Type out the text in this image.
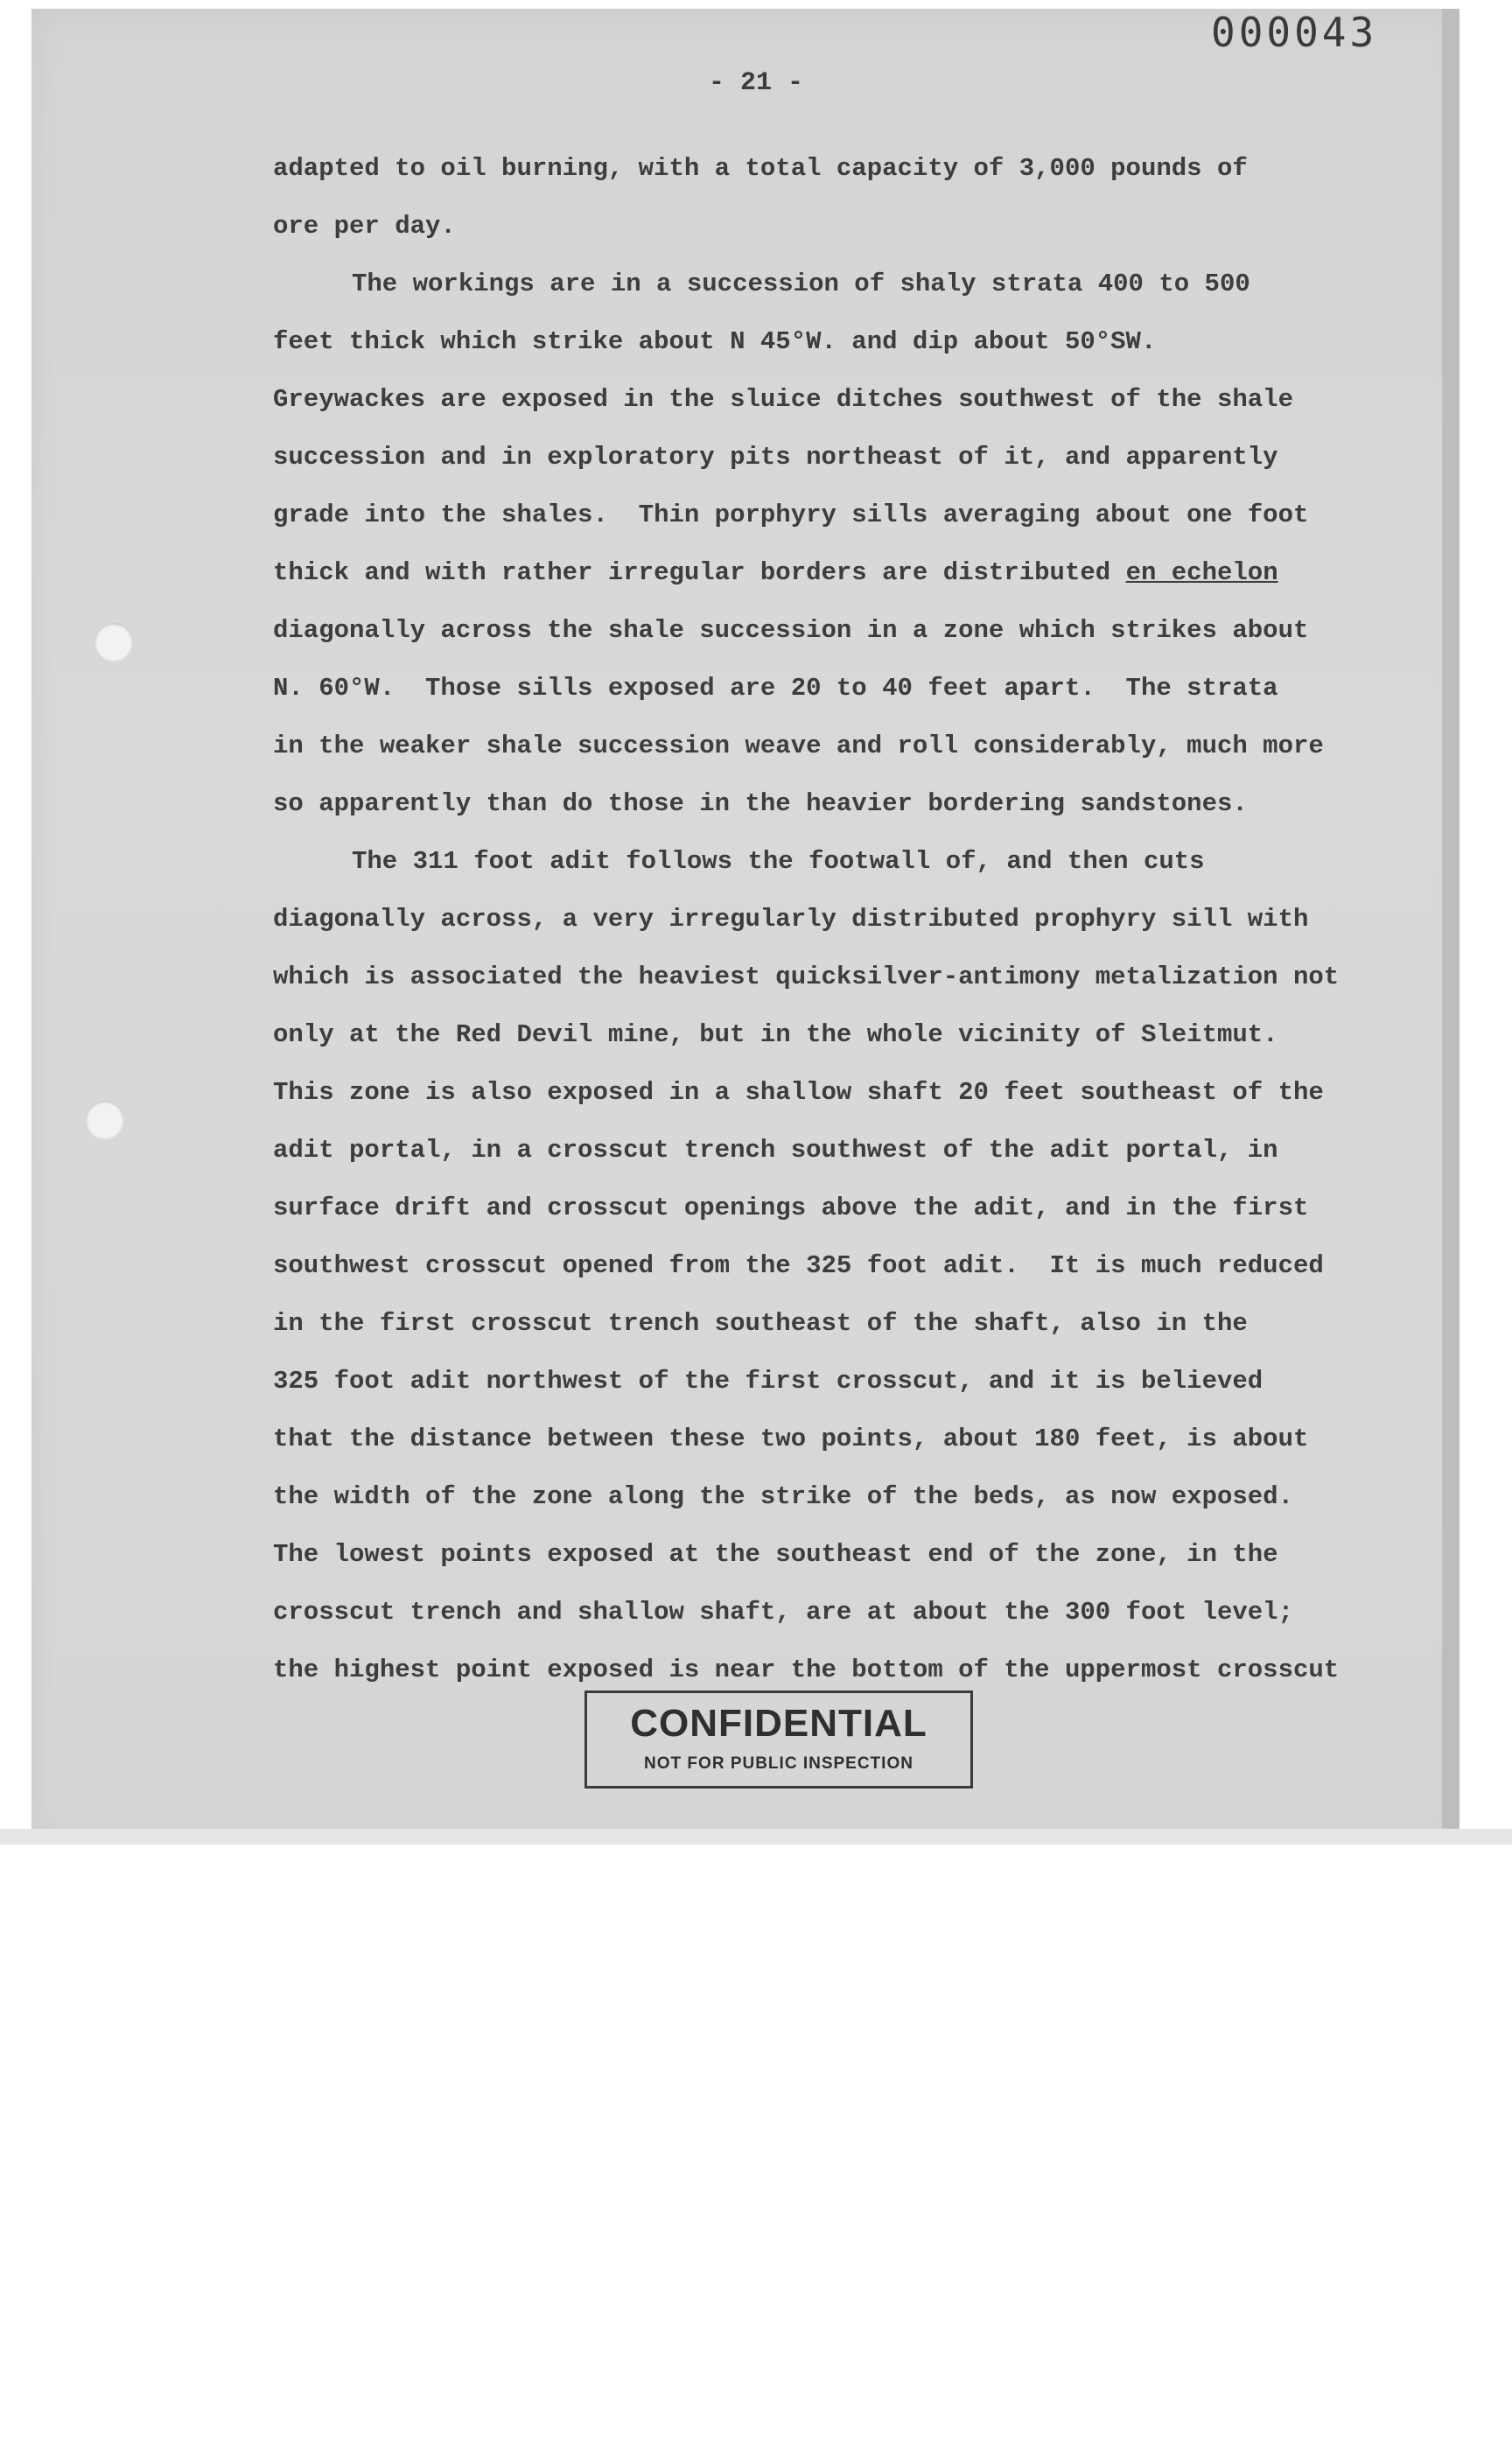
000043
- 21 -
adapted to oil burning, with a total capacity of 3,000 pounds of
ore per day.
The workings are in a succession of shaly strata 400 to 500
feet thick which strike about N 45°W. and dip about 50°SW.
Greywackes are exposed in the sluice ditches southwest of the shale
succession and in exploratory pits northeast of it, and apparently
grade into the shales.  Thin porphyry sills averaging about one foot
thick and with rather irregular borders are distributed en echelon
diagonally across the shale succession in a zone which strikes about
N. 60°W.  Those sills exposed are 20 to 40 feet apart.  The strata
in the weaker shale succession weave and roll considerably, much more
so apparently than do those in the heavier bordering sandstones.
The 311 foot adit follows the footwall of, and then cuts
diagonally across, a very irregularly distributed prophyry sill with
which is associated the heaviest quicksilver-antimony metalization not
only at the Red Devil mine, but in the whole vicinity of Sleitmut.
This zone is also exposed in a shallow shaft 20 feet southeast of the
adit portal, in a crosscut trench southwest of the adit portal, in
surface drift and crosscut openings above the adit, and in the first
southwest crosscut opened from the 325 foot adit.  It is much reduced
in the first crosscut trench southeast of the shaft, also in the
325 foot adit northwest of the first crosscut, and it is believed
that the distance between these two points, about 180 feet, is about
the width of the zone along the strike of the beds, as now exposed.
The lowest points exposed at the southeast end of the zone, in the
crosscut trench and shallow shaft, are at about the 300 foot level;
the highest point exposed is near the bottom of the uppermost crosscut
CONFIDENTIAL
NOT FOR PUBLIC INSPECTION
